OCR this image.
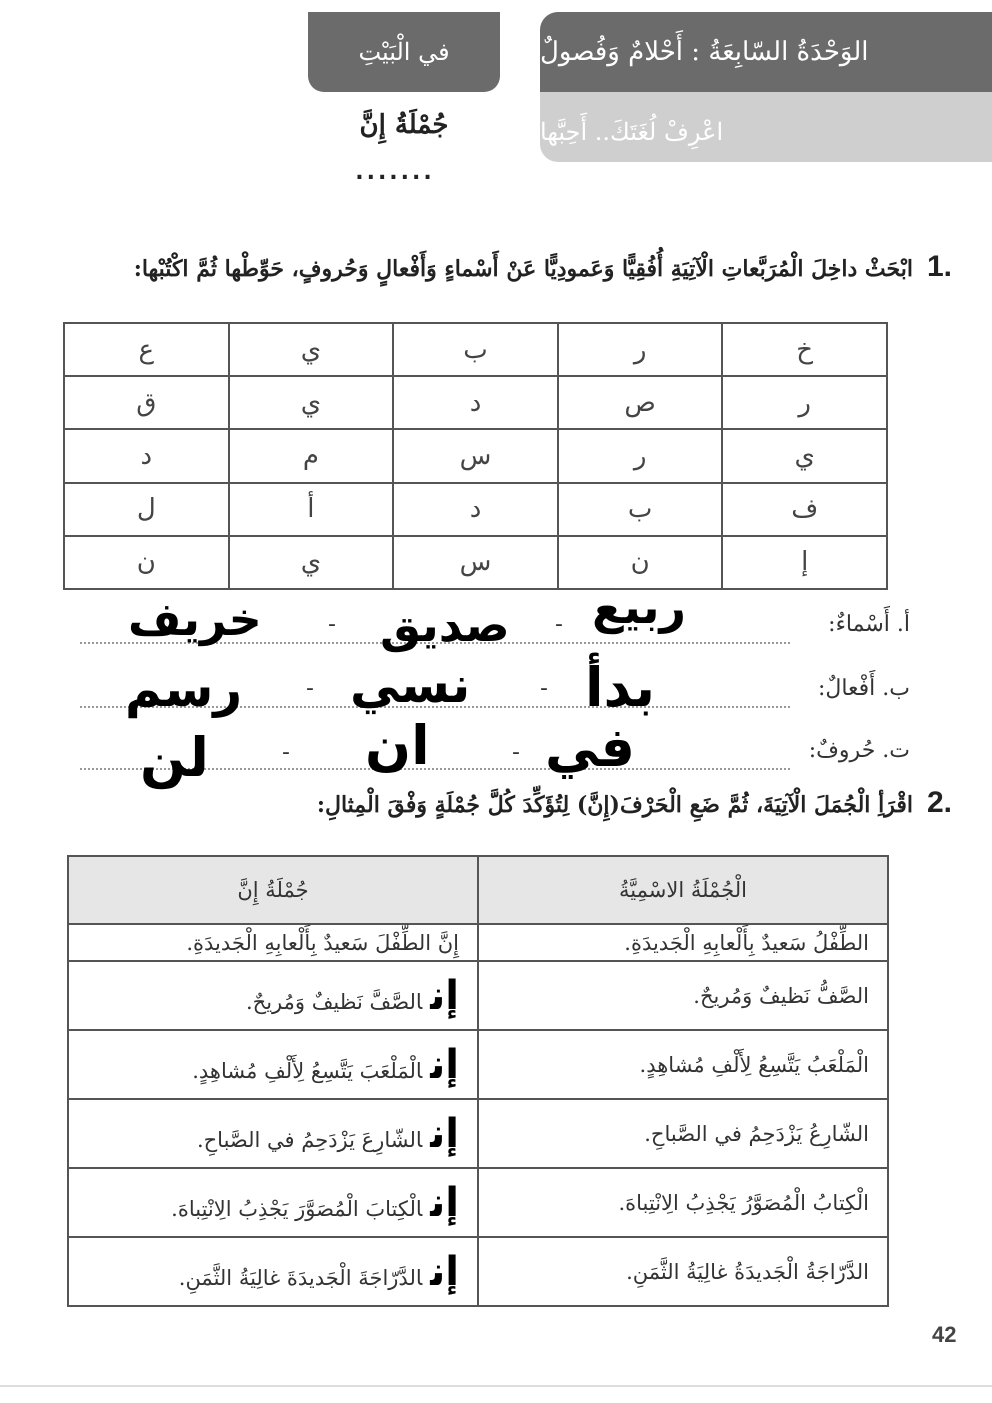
الوَحْدَةُ السّابِعَةُ : أَحْلامٌ وَفُصولٌ
اعْرِفْ لُغَتَكَ.. أَحِبَّها
في الْبَيْتِ
جُمْلَةُ إِنَّ
.......
.1ابْحَثْ داخِلَ الْمُرَبَّعاتِ الْآتِيَةِ أُفُقِيًّا وَعَمودِيًّا عَنْ أَسْماءٍ وَأَفْعالٍ وَحُروفٍ، حَوِّطْها ثُمَّ اكْتُبْها:
خ	ر	ب	ي	ع
ر	ص	د	ي	ق
ي	ر	س	م	د
ف	ب	د	أ	ل
إ	ن	س	ي	ن
أ. أَسْماءٌ:
ربيع
-
صديق
-
خريف
ب. أَفْعالٌ:
بدأ
-
نسي
-
رسم
ت. حُروفٌ:
في
-
ان
-
لن
.2اقْرَأِ الْجُمَلَ الْآتِيَةَ، ثُمَّ ضَعِ الْحَرْفَ(إِنَّ) لِتُؤَكِّدَ كُلَّ جُمْلَةٍ وَفْقَ الْمِثالِ:
الْجُمْلَةُ الاسْمِيَّةُ	جُمْلَةُ إِنَّ
الطِّفْلُ سَعيدٌ بِأَلْعابِهِ الْجَديدَةِ.	إِنَّ الطِّفْلَ سَعيدٌ بِأَلْعابِهِ الْجَديدَةِ.
الصَّفُّ نَظيفٌ وَمُريحٌ.	إنالصَّفَّ نَظيفٌ وَمُريحٌ.
الْمَلْعَبُ يَتَّسِعُ لِأَلْفِ مُشاهِدٍ.	إنالْمَلْعَبَ يَتَّسِعُ لِأَلْفِ مُشاهِدٍ.
الشّارِعُ يَزْدَحِمُ في الصَّباحِ.	إنالشّارِعَ يَزْدَحِمُ في الصَّباحِ.
الْكِتابُ الْمُصَوَّرُ يَجْذِبُ الِانْتِباهَ.	إنالْكِتابَ الْمُصَوَّرَ يَجْذِبُ الِانْتِباهَ.
الدَّرّاجَةُ الْجَديدَةُ غالِيَةُ الثَّمَنِ.	إنالدَّرّاجَةَ الْجَديدَةَ غالِيَةُ الثَّمَنِ.
42
